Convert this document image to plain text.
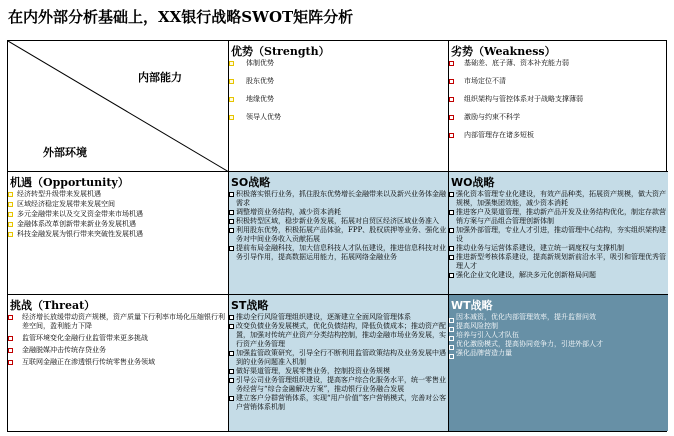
在内外部分析基础上，XX银行战略SWOT矩阵分析
内部能力
外部环境
优势（Strength）
体制优势
股东优势
地缘优势
领导人优势
劣势（Weakness）
基础差、底子薄、资本补充能力弱
市场定位不清
组织架构与管控体系对于战略支撑薄弱
激励与约束不科学
内部管理存在诸多短板
机遇（Opportunity）
经济转型升级带来发展机遇
区域经济稳定发展带来发展空间
多元金融带来以及交叉资金带来市场机遇
金融体系改革创新带来新业务发展机遇
科技金融发展为银行带来突破性发展机遇
SO战略
积极落实银行业务，抓住股东优势增长金融带来以及新兴业务体金融需求
调整增资业务结构，减少资本消耗
积极转型区域，稳步新业务发展，拓展对自贸区经济区域业务准入
利用股东优势，积极拓展产品体验，FPP、股权质押等业务、强化业务对中间业务收入贡献拓展
提前布局金融科技，加大信息科技人才队伍建设，推进信息科技对业务引导作用，提高数据运用能力，拓展网络金融业务
WO战略
强化资本管理专业化建设，有效产品种类，拓展资产规模，做大资产规模，加强集团效能，减少资本消耗
推进客户及渠道管理，推动新产品开发及业务结构优化，制定存款营销方案与产品组合管理创新体制
加强外部管理，专业人才引进，推动管理中心结构，夯实组织架构建设
推动业务与运营体系建设，建立统一调度权与支撑机制
推进新型考核体系建设，提高新规划新前沿水平，吸引和管理优秀管理人才
强化企业文化建设，解决多元化创新格局问题
挑战（Threat）
经济增长放缓带动资产规模，资产质量下行利率市场化压缩银行利差空间，盈利能力下降
监管环境变化金融行业监管带来更多挑战
金融脱媒冲击传统存贷业务
互联网金融正在渗透银行传统零售业务领域
ST战略
推动全行风险管理组织建设，逐渐建立全面风险管理体系
改变负债业务发展模式，优化负债结构，降低负债成本；推动资产配置，加强对传统产业资产分类结构控制，推动金融市场业务发展，实行资产业务管理
加强监管政策研究，引导全行不断利用监管政策结构及业务发展中遇到的业务问题准入机制
做好渠道管理，发展零售业务，控制投资业务规模
引导公司业务管理组织建设，提高客户综合化服务水平，统一零售业务经营与“综合金融解决方案”，推动银行业务融合发展
建立客户分群营销体系，实现“用户价值”客户营销模式，完善对公客户营销体系机制
WT战略
因本减资，优化内部管理效率，提升监督问效
提高风险控制
培养与引入人才队伍
优化激励模式，提高协同竞争力，引进外部人才
强化品牌营造力量
